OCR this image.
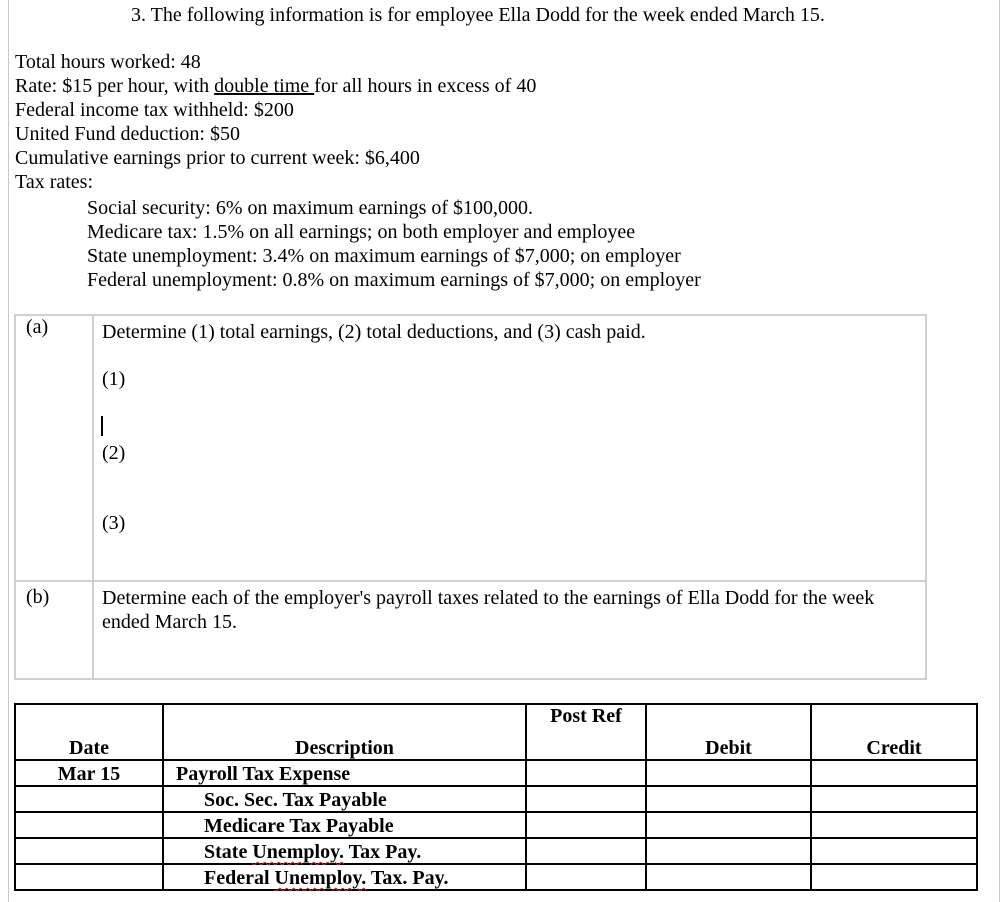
3. The following information is for employee Ella Dodd for the week ended March 15.
Total hours worked: 48
Rate: $15 per hour, with double time for all hours in excess of 40
Federal income tax withheld: $200
United Fund deduction: $50
Cumulative earnings prior to current week: $6,400
Tax rates:
Social security: 6% on maximum earnings of $100,000.
Medicare tax: 1.5% on all earnings; on both employer and employee
State unemployment: 3.4% on maximum earnings of $7,000; on employer
Federal unemployment: 0.8% on maximum earnings of $7,000; on employer
(a)	Determine (1) total earnings, (2) total deductions, and (3) cash paid.
(1)
(2)
(3)
(b)	Determine each of the employer's payroll taxes related to the earnings of Ella Dodd for the week ended March 15.
Date	Description	Post Ref	Debit	Credit
Mar 15	Payroll Tax Expense			
	Soc. Sec. Tax Payable			
	Medicare Tax Payable			
	State Unemploy. Tax Pay.			
	Federal Unemploy. Tax. Pay.			
